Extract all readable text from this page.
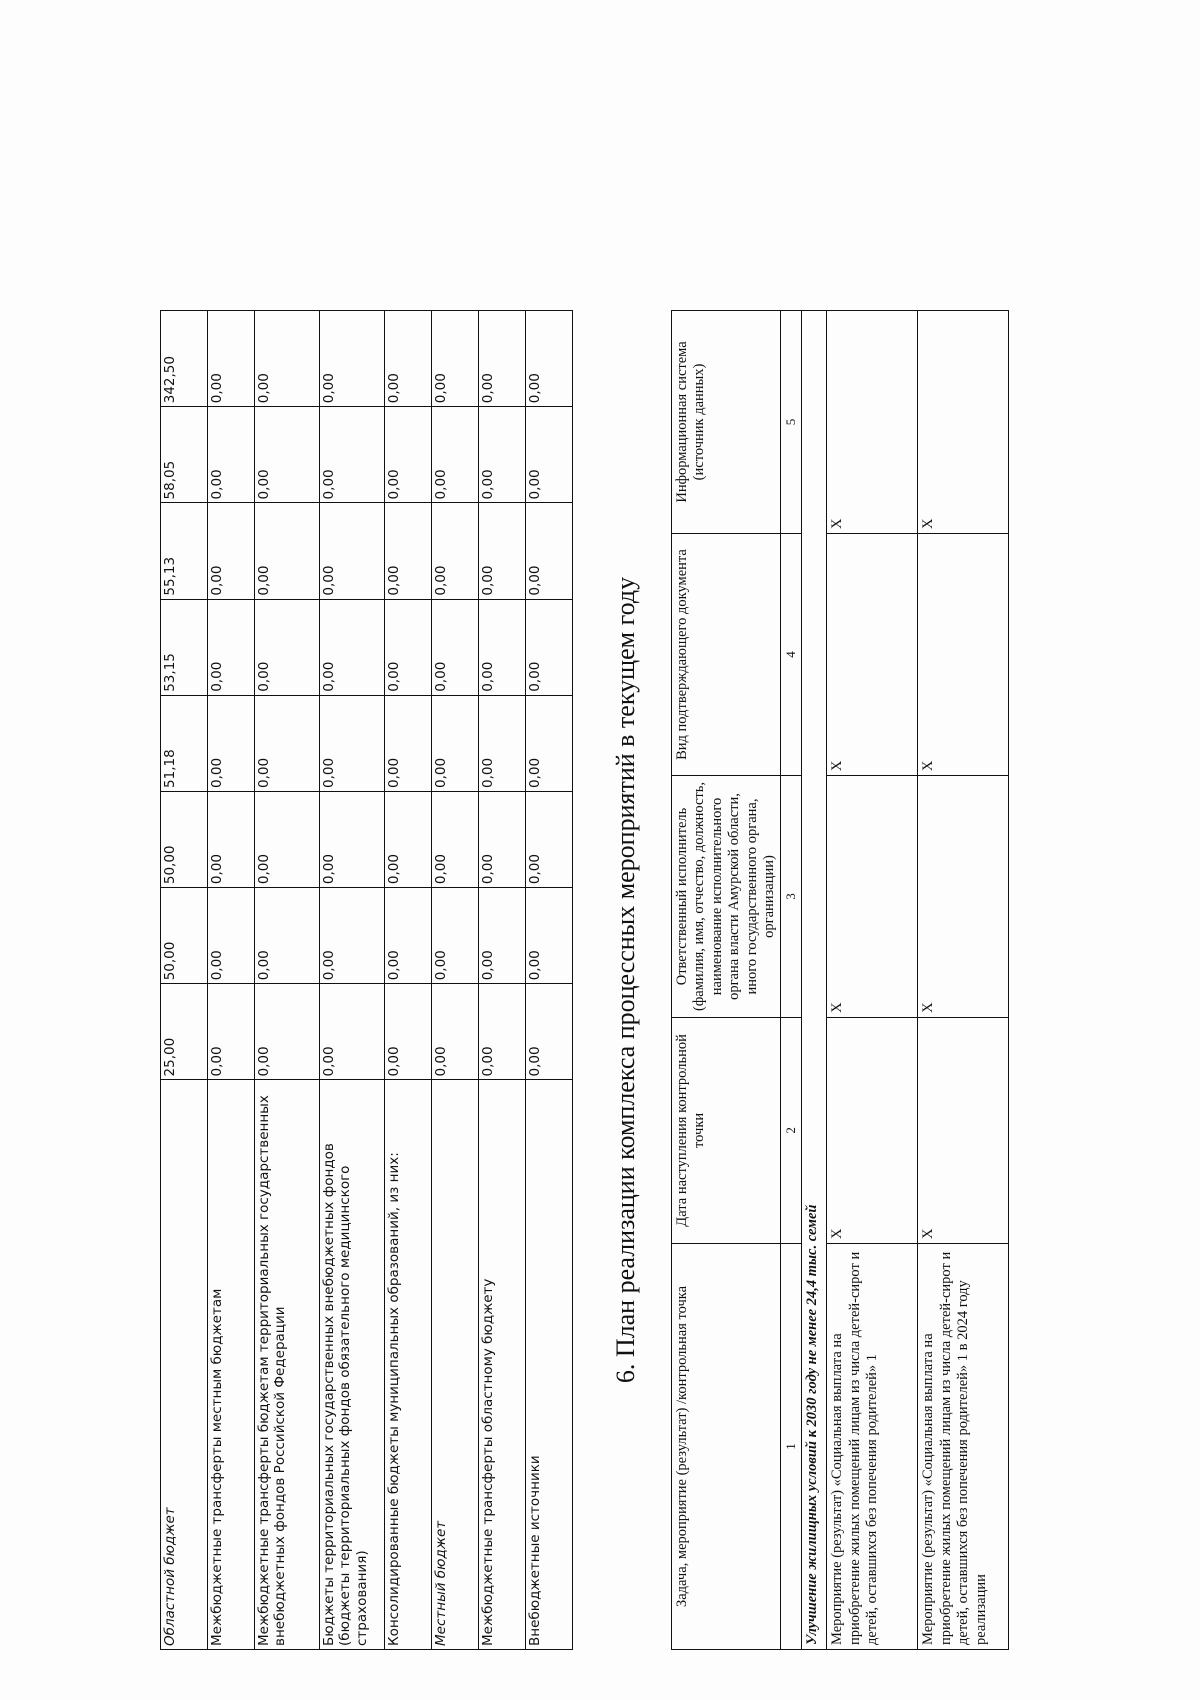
Областной бюджет	25,00	50,00	50,00	51,18	53,15	55,13	58,05	342,50
Межбюджетные трансферты местным бюджетам	0,00	0,00	0,00	0,00	0,00	0,00	0,00	0,00
Межбюджетные трансферты бюджетам территориальных государственных внебюджетных фондов Российской Федерации	0,00	0,00	0,00	0,00	0,00	0,00	0,00	0,00
Бюджеты территориальных государственных внебюджетных фондов (бюджеты территориальных фондов обязательного медицинского страхования)	0,00	0,00	0,00	0,00	0,00	0,00	0,00	0,00
Консолидированные бюджеты муниципальных образований, из них:	0,00	0,00	0,00	0,00	0,00	0,00	0,00	0,00
Местный бюджет	0,00	0,00	0,00	0,00	0,00	0,00	0,00	0,00
Межбюджетные трансферты областному бюджету	0,00	0,00	0,00	0,00	0,00	0,00	0,00	0,00
Внебюджетные источники	0,00	0,00	0,00	0,00	0,00	0,00	0,00	0,00
6. План реализации комплекса процессных мероприятий в текущем году
Задача, мероприятие (результат) /контрольная точка	Дата наступления контрольной точки	Ответственный исполнитель (фамилия, имя, отчество, должность, наименование исполнительного органа власти Амурской области, иного государственного органа, организации)	Вид подтверждающего документа	Информационная система (источник данных)
1	2	3	4	5
Улучшение жилищных условий к 2030 году не менее 24,4 тыс. семей				
Мероприятие (результат) «Социальная выплата на приобретение жилых помещений лицам из числа детей-сирот и детей, оставшихся без попечения родителей» 1	X	X	X	X
Мероприятие (результат) «Социальная выплата на приобретение жилых помещений лицам из числа детей-сирот и детей, оставшихся без попечения родителей» 1 в 2024 году реализации	X	X	X	X
